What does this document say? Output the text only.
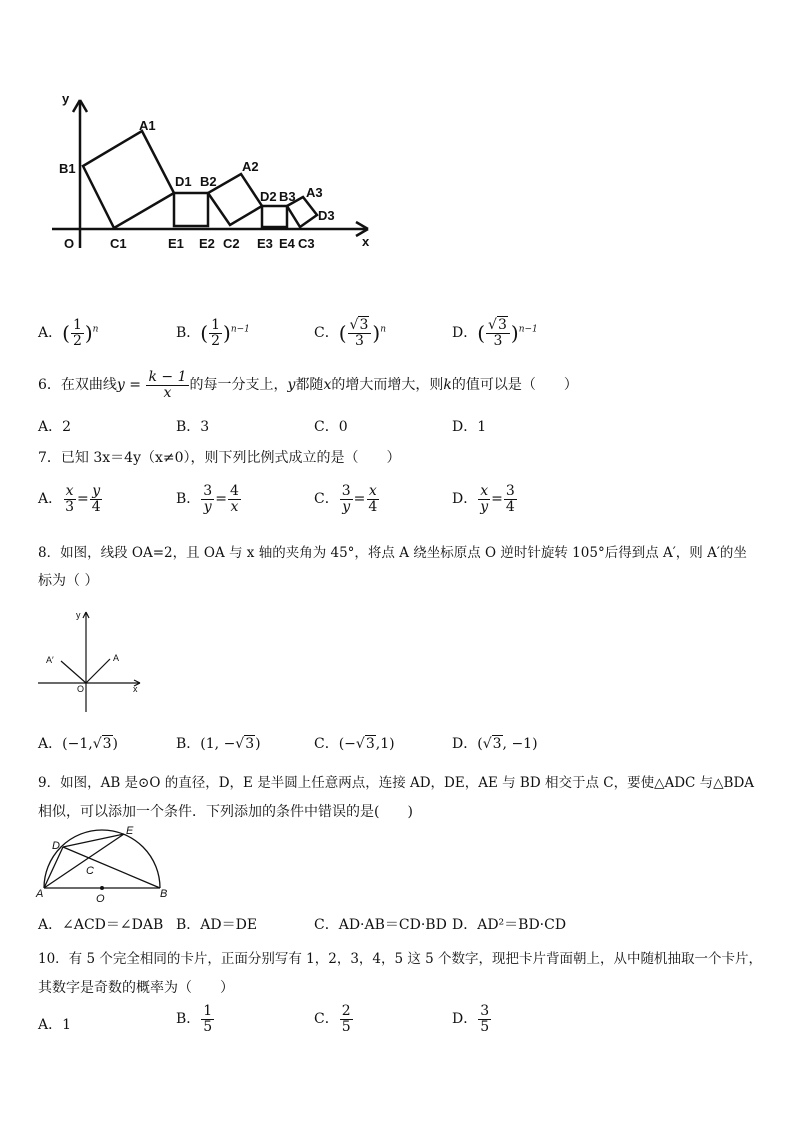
y
x
O
A1
B1
C1
D1
E1
B2
E2
A2
C2
D2
E3
B3
E4
A3
D3
C3
A．( $\frac{1}{2} )^n$	B．( $\frac{1}{2} )^{n-1}$	C．( $\frac{√3}{3} )^n$	D．( $\frac{√3}{3} )^{n-1}$
6．在双曲线$y = \frac{k - 1}{x}$ 的每一分支上，y都随x的增大而增大，则k的值可以是（　　）
A．2	B．3	C．0	D．1
7．已知 3x＝4y（x≠0），则下列比例式成立的是（　　）
A． $\frac{x}{3} = \frac{y}{4}$	B． $\frac{3}{y} = \frac{4}{x}$	C． $\frac{3}{y} = \frac{x}{4}$	D． $\frac{x}{y} = \frac{3}{4}$
8．如图，线段 OA=2，且 OA 与 x 轴的夹角为 45°，将点 A 绕坐标原点 O 逆时针旋转 105°后得到点 A′，则 A′的坐
标为（ ）
y
x
O
A
A′
A．(−1,√3)	B．(1, −√3)	C．(−√3,1)	D．(√3, −1)
9．如图，AB 是⊙O 的直径，D，E 是半圆上任意两点，连接 AD，DE，AE 与 BD 相交于点 C，要使△ADC 与△BDA
相似，可以添加一个条件．下列添加的条件中错误的是(　　)
A	B
C
D
E
O
A．∠ACD＝∠DAB B．AD＝DE	C．AD·AB＝CD·BD D．AD²＝BD·CD
10．有 5 个完全相同的卡片，正面分别写有 1，2，3，4，5 这 5 个数字，现把卡片背面朝上，从中随机抽取一个卡片，
其数字是奇数的概率为（　　）
A．1	B． $\frac{1}{5}$	C． $\frac{2}{5}$	D． $\frac{3}{5}$
